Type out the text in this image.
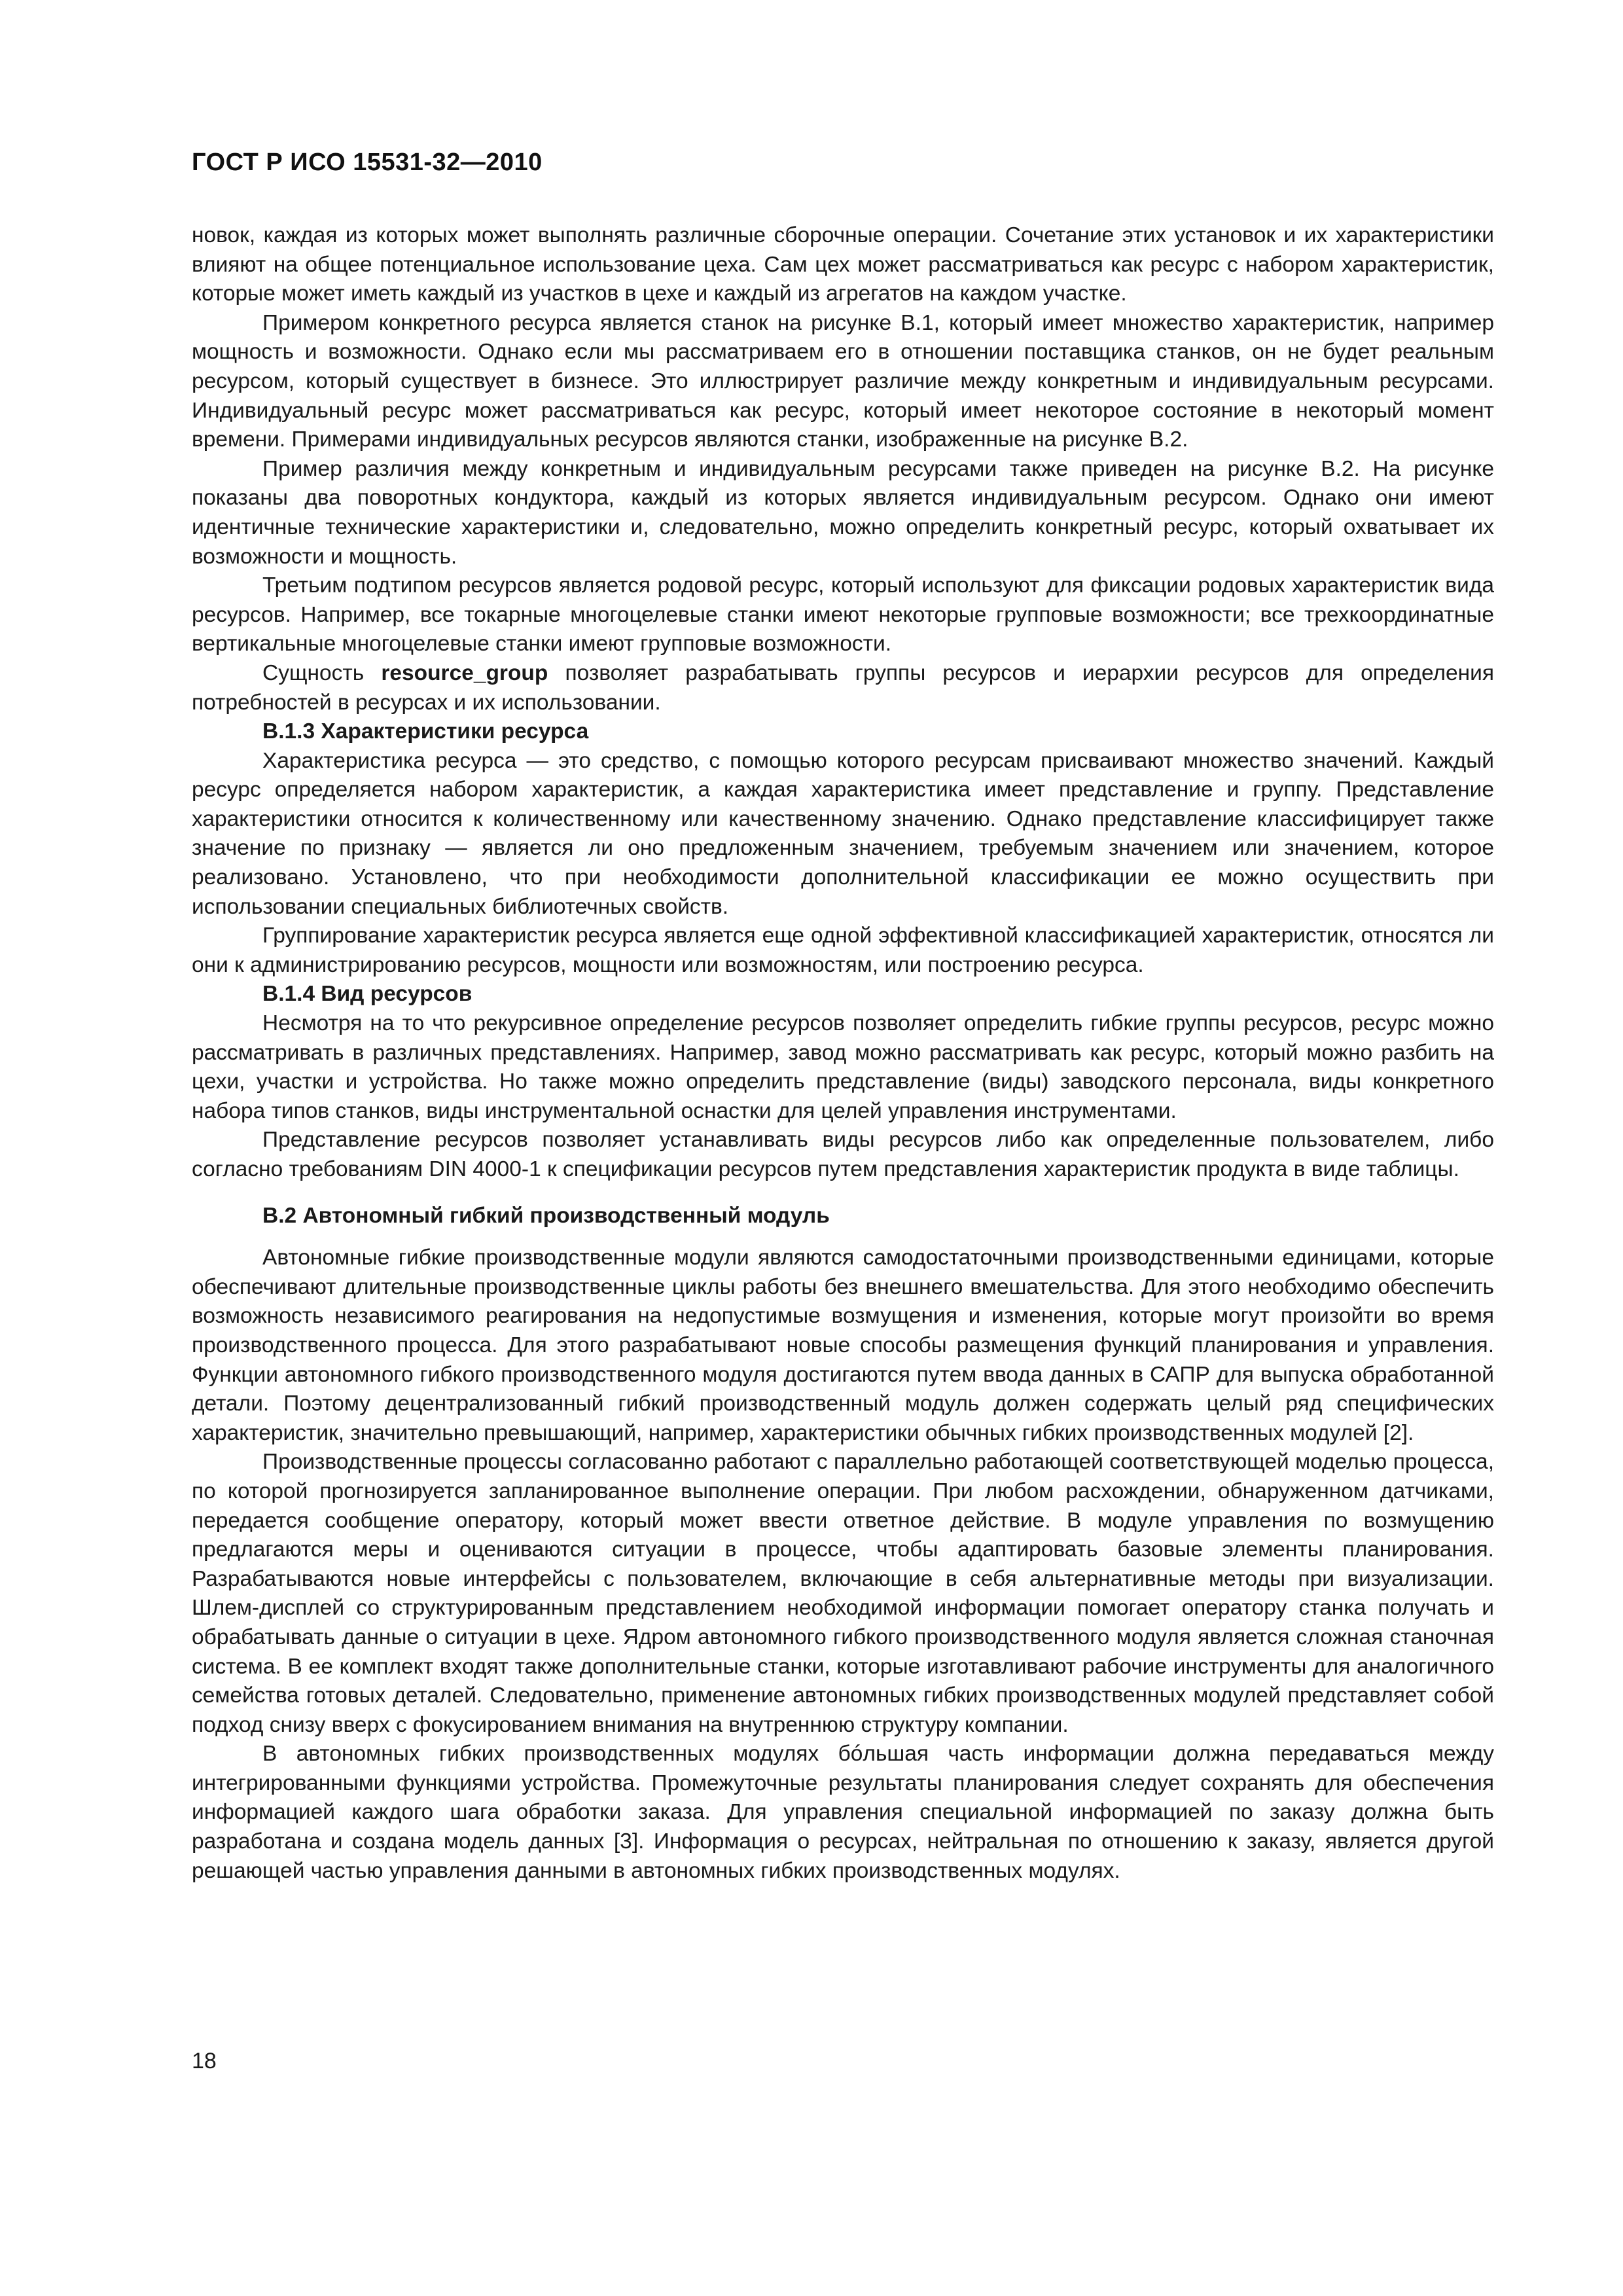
ГОСТ Р ИСО 15531-32—2010

новок, каждая из которых может выполнять различные сборочные операции. Сочетание этих установок и их характеристики влияют на общее потенциальное использование цеха. Сам цех может рассматриваться как ресурс с набором характеристик, которые может иметь каждый из участков в цехе и каждый из агрегатов на каждом участке.

Примером конкретного ресурса является станок на рисунке В.1, который имеет множество характеристик, например мощность и возможности. Однако если мы рассматриваем его в отношении поставщика станков, он не будет реальным ресурсом, который существует в бизнесе. Это иллюстрирует различие между конкретным и индивидуальным ресурсами. Индивидуальный ресурс может рассматриваться как ресурс, который имеет некоторое состояние в некоторый момент времени. Примерами индивидуальных ресурсов являются станки, изображенные на рисунке В.2.

Пример различия между конкретным и индивидуальным ресурсами также приведен на рисунке В.2. На рисунке показаны два поворотных кондуктора, каждый из которых является индивидуальным ресурсом. Однако они имеют идентичные технические характеристики и, следовательно, можно определить конкретный ресурс, который охватывает их возможности и мощность.

Третьим подтипом ресурсов является родовой ресурс, который используют для фиксации родовых характеристик вида ресурсов. Например, все токарные многоцелевые станки имеют некоторые групповые возможности; все трехкоординатные вертикальные многоцелевые станки имеют групповые возможности.

Сущность resource_group позволяет разрабатывать группы ресурсов и иерархии ресурсов для определения потребностей в ресурсах и их использовании.

В.1.3 Характеристики ресурса

Характеристика ресурса — это средство, с помощью которого ресурсам присваивают множество значений. Каждый ресурс определяется набором характеристик, а каждая характеристика имеет представление и группу. Представление характеристики относится к количественному или качественному значению. Однако представление классифицирует также значение по признаку — является ли оно предложенным значением, требуемым значением или значением, которое реализовано. Установлено, что при необходимости дополнительной классификации ее можно осуществить при использовании специальных библиотечных свойств.

Группирование характеристик ресурса является еще одной эффективной классификацией характеристик, относятся ли они к администрированию ресурсов, мощности или возможностям, или построению ресурса.

В.1.4 Вид ресурсов

Несмотря на то что рекурсивное определение ресурсов позволяет определить гибкие группы ресурсов, ресурс можно рассматривать в различных представлениях. Например, завод можно рассматривать как ресурс, который можно разбить на цехи, участки и устройства. Но также можно определить представление (виды) заводского персонала, виды конкретного набора типов станков, виды инструментальной оснастки для целей управления инструментами.

Представление ресурсов позволяет устанавливать виды ресурсов либо как определенные пользователем, либо согласно требованиям DIN 4000-1 к спецификации ресурсов путем представления характеристик продукта в виде таблицы.

В.2 Автономный гибкий производственный модуль

Автономные гибкие производственные модули являются самодостаточными производственными единицами, которые обеспечивают длительные производственные циклы работы без внешнего вмешательства. Для этого необходимо обеспечить возможность независимого реагирования на недопустимые возмущения и изменения, которые могут произойти во время производственного процесса. Для этого разрабатывают новые способы размещения функций планирования и управления. Функции автономного гибкого производственного модуля достигаются путем ввода данных в САПР для выпуска обработанной детали. Поэтому децентрализованный гибкий производственный модуль должен содержать целый ряд специфических характеристик, значительно превышающий, например, характеристики обычных гибких производственных модулей [2].

Производственные процессы согласованно работают с параллельно работающей соответствующей моделью процесса, по которой прогнозируется запланированное выполнение операции. При любом расхождении, обнаруженном датчиками, передается сообщение оператору, который может ввести ответное действие. В модуле управления по возмущению предлагаются меры и оцениваются ситуации в процессе, чтобы адаптировать базовые элементы планирования. Разрабатываются новые интерфейсы с пользователем, включающие в себя альтернативные методы при визуализации. Шлем-дисплей со структурированным представлением необходимой информации помогает оператору станка получать и обрабатывать данные о ситуации в цехе. Ядром автономного гибкого производственного модуля является сложная станочная система. В ее комплект входят также дополнительные станки, которые изготавливают рабочие инструменты для аналогичного семейства готовых деталей. Следовательно, применение автономных гибких производственных модулей представляет собой подход снизу вверх с фокусированием внимания на внутреннюю структуру компании.

В автономных гибких производственных модулях бóльшая часть информации должна передаваться между интегрированными функциями устройства. Промежуточные результаты планирования следует сохранять для обеспечения информацией каждого шага обработки заказа. Для управления специальной информацией по заказу должна быть разработана и создана модель данных [3]. Информация о ресурсах, нейтральная по отношению к заказу, является другой решающей частью управления данными в автономных гибких производственных модулях.

18
